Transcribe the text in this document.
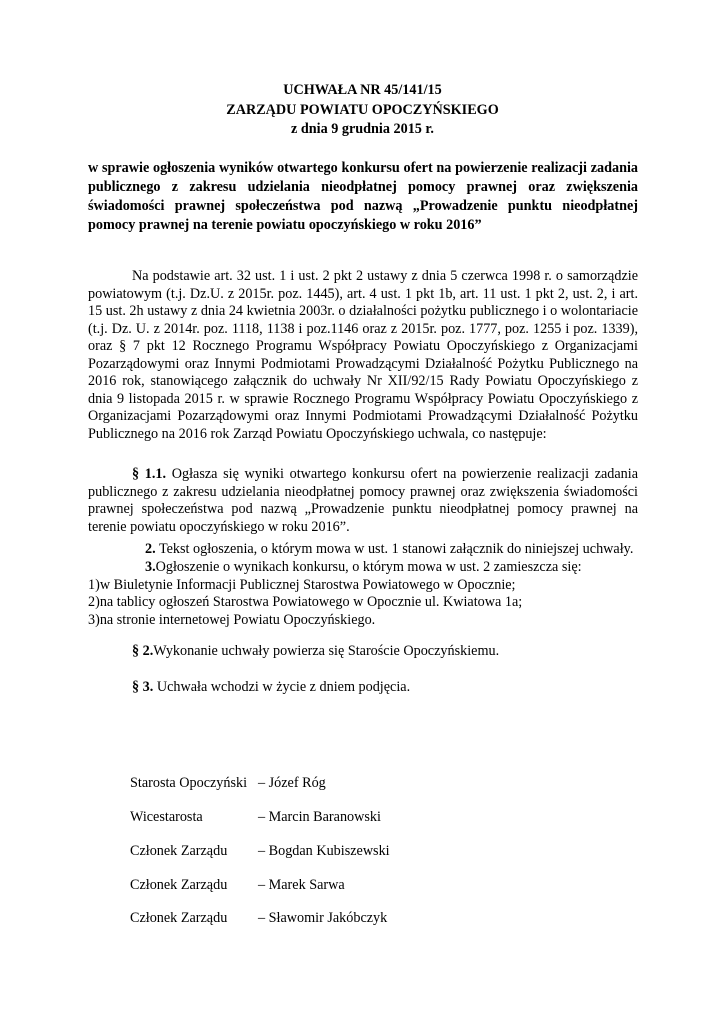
UCHWAŁA NR 45/141/15
ZARZĄDU POWIATU OPOCZYŃSKIEGO
z dnia 9 grudnia 2015 r.
w sprawie ogłoszenia wyników otwartego konkursu ofert na powierzenie realizacji zadania publicznego z zakresu udzielania nieodpłatnej pomocy prawnej oraz zwiększenia świadomości prawnej społeczeństwa pod nazwą „Prowadzenie punktu nieodpłatnej pomocy prawnej na terenie powiatu opoczyńskiego w roku 2016”
Na podstawie art. 32 ust. 1 i ust. 2 pkt 2 ustawy z dnia 5 czerwca 1998 r. o samorządzie powiatowym (t.j. Dz.U. z 2015r. poz. 1445), art. 4 ust. 1 pkt 1b, art. 11 ust. 1 pkt 2, ust. 2, i art. 15 ust. 2h ustawy z dnia 24 kwietnia 2003r. o działalności pożytku publicznego i o wolontariacie (t.j. Dz. U. z 2014r. poz. 1118, 1138 i poz.1146 oraz z 2015r. poz. 1777, poz. 1255 i poz. 1339), oraz § 7 pkt 12 Rocznego Programu Współpracy Powiatu Opoczyńskiego z Organizacjami Pozarządowymi oraz Innymi Podmiotami Prowadzącymi Działalność Pożytku Publicznego na 2016 rok, stanowiącego załącznik do uchwały Nr XII/92/15 Rady Powiatu Opoczyńskiego z dnia 9 listopada 2015 r. w sprawie Rocznego Programu Współpracy Powiatu Opoczyńskiego z Organizacjami Pozarządowymi oraz Innymi Podmiotami Prowadzącymi Działalność Pożytku Publicznego na 2016 rok Zarząd Powiatu Opoczyńskiego uchwala, co następuje:
§ 1.1. Ogłasza się wyniki otwartego konkursu ofert na powierzenie realizacji zadania publicznego z zakresu udzielania nieodpłatnej pomocy prawnej oraz zwiększenia świadomości prawnej społeczeństwa pod nazwą „Prowadzenie punktu nieodpłatnej pomocy prawnej na terenie powiatu opoczyńskiego w roku 2016”.
2. Tekst ogłoszenia, o którym mowa w ust. 1 stanowi załącznik do niniejszej uchwały.
3.Ogłoszenie o wynikach konkursu, o którym mowa w ust. 2 zamieszcza się:
1)w Biuletynie Informacji Publicznej Starostwa Powiatowego w Opocznie;
2)na tablicy ogłoszeń Starostwa Powiatowego w Opocznie ul. Kwiatowa 1a;
3)na stronie internetowej Powiatu Opoczyńskiego.
§ 2.Wykonanie uchwały powierza się Staroście Opoczyńskiemu.
§ 3. Uchwała wchodzi w życie z dniem podjęcia.
Starosta Opoczyński – Józef Róg
Wicestarosta	– Marcin Baranowski
Członek Zarządu – Bogdan Kubiszewski
Członek Zarządu – Marek Sarwa
Członek Zarządu – Sławomir Jakóbczyk
